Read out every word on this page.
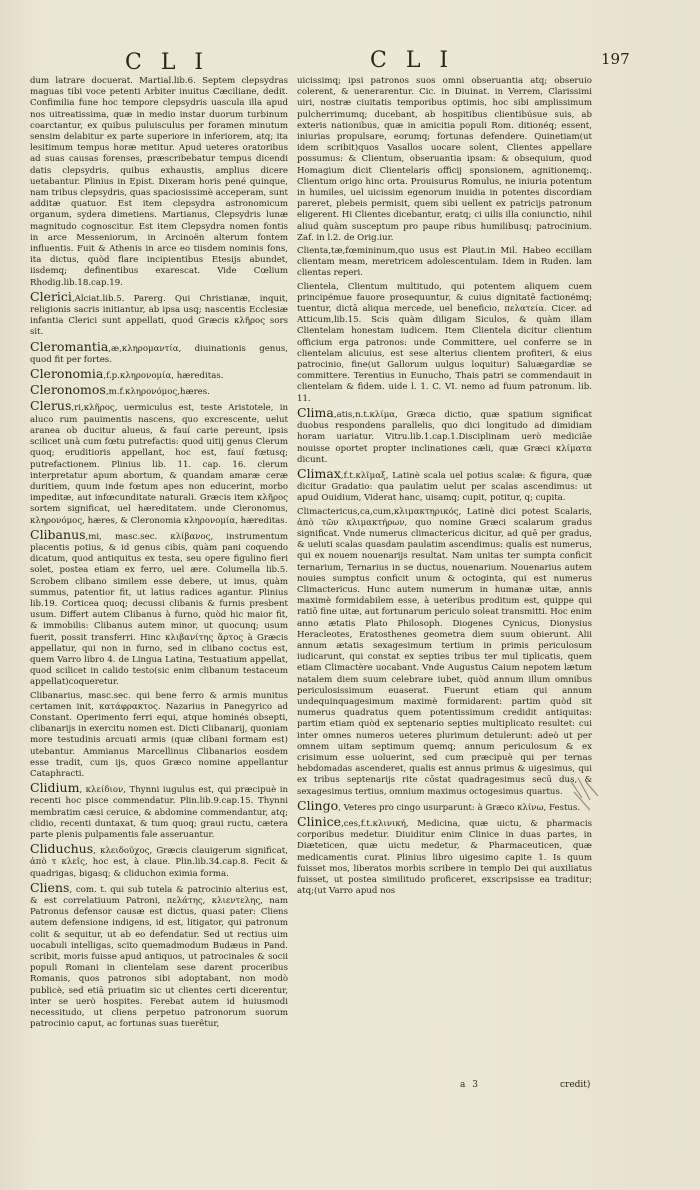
C L I	C L I	197

dum latrare docuerat. Martial.lib.6. Septem clepsydras maguas tibi voce petenti Arbiter inuitus Cæciliane, dedit. Confimilia fune hoc tempore clepsydris uascula illa apud nos uitreatissima, quæ in medio instar duorum turbinum coarctantur, ex quibus puluisculus per foramen minutum sensim delabitur ex parte superiore in inferiorem, atq; ita lesitimum tempus horæ metitur. Apud ueteres oratoribus ad suas causas forenses, præscribebatur tempus dicendi datis clepsydris, quibus exhaustis, amplius dicere uetabantur. Plinius in Epist. Dixeram horis pené quinque, nam tribus clepsydris, quas spaciosissimè acceperam, sunt additæ quatuor. Est item clepsydra astronomicum organum, sydera dimetiens. Martianus, Clepsydris lunæ magnitudo cognoscitur. Est item Clepsydra nomen fontis in arce Messeniorum, in Arcinoën alterum fontem influentis. Fuit & Athenis in arce eo tiisdem nominis fons, ita dictus, quòd flare incipientibus Etesijs abundet, iisdemq; definentibus exarescat. Vide Cœlium Rhodig.lib.18.cap.19.

Clerici,Alciat.lib.5. Parerg. Qui Christianæ, inquit, religionis sacris initiantur, ab ipsa usq; nascentis Ecclesiæ infantia Clerici sunt appellati, quod Græcis κλῆρος sors sit.

Cleromantia,æ,κληρομαντία, diuinationis genus, quod fit per fortes.

Cleronomia,f.p.κληρονομία, hæreditas.

Cleronomos,m.f.κληρονόμος,hæres.

Clerus,ri,κλῆρος, uermiculus est, teste Aristotele, in aluco rum pauimentis nascens, quo excrescente, uelut aranea ob ducitur alueus, & fauí carie pereunt, ipsis scilicet unà cum fœtu putrefactis: quod uitij genus Clerum quoq; eruditioris appellant, hoc est, fauí fœtusq; putrefactionem. Plinius lib. 11. cap. 16. clerum interpretatur apum abortum, & quandam amaræ ceræ duritiem, quum inde fœtum apes non educerint, morbo impeditæ, aut infœcunditate naturali. Græcis item κλῆρος sortem significat, uel hæreditatem. unde Cleronomus, κληρονόμος, hæres, & Cleronomia κληρονομία, hæreditas.

Clibanus,mi, masc.sec. κλίβανος, instrumentum placentis potius, & id genus cibis, quàm pani coquendo dicatum, quod antiquitus ex testa, seu opere figulino fieri solet, postea etiam ex ferro, uel ære. Columella lib.5. Scrobem clibano similem esse debere, ut imus, quàm summus, patentior fit, ut latius radices agantur. Plinius lib.19. Corticea quoq; decussi clibanis & furnis presbent usum. Differt autem Clibanus à furno, quòd hic maior fit, & immobilis: Clibanus autem minor, ut quocunq; usum fuerit, possit transferri. Hinc κλιβανίτης ἄρτος à Græcis appellatur, qui non in furno, sed in clibano coctus est, quem Varro libro 4. de Lingua Latina, Testuatium appellat, quod scilicet in calido testo(sic enim clibanum testaceum appellat)coqueretur.

Clibanarius, masc.sec. qui bene ferro & armis munitus certamen init, κατάφρακτος. Nazarius in Panegyrico ad Constant. Operimento ferri equi, atque hominés obsepti, clibanarijs in exercitu nomen est. Dicti Clibanarij, quoniam more testudinis arcuati armis (quæ clibani formam est) utebantur. Ammianus Marcellinus Clibanarios eosdem esse tradit, cum ijs, quos Græco nomine appellantur Cataphracti.

Clidium, κλείδιον, Thynni iugulus est, qui præcipuè in recenti hoc pisce commendatur. Plin.lib.9.cap.15. Thynni membratim cæsi ceruice, & abdomine commendantur, atq; clidio, recenti duntaxat, & tum quoq; graui ructu, cætera parte plenis pulpamentis fale asseruantur.

Cliduchus, κλειδοῦχος, Græcis clauigerum significat, ἀπὸ τ κλεῖς, hoc est, à claue. Plin.lib.34.cap.8. Fecit & quadrigas, bigasq; & cliduchon eximia forma.

Cliens, com. t. qui sub tutela & patrocinio alterius est, & est correlatiuum Patroni, πελάτης, κλιεντελης, nam Patronus defensor causæ est dictus, quasi pater: Cliens autem defensione indigens, id est, litigator, qui patronum colit & sequitur, ut ab eo defendatur. Sed ut rectius uim uocabuli intelligas, scito quemadmodum Budæus in Pand. scribit, moris fuisse apud antiquos, ut patrocinales & socii populi Romani in clientelam sese darent proceribus Romanis, quos patronos sibi adoptabant, non modò publicè, sed etiā priuatim sic ut clientes certi dicerentur, inter se uerò hospites. Ferebat autem id huiusmodi necessitudo, ut cliens perpetuo patronorum suorum patrocinio caput, ac fortunas suas tuerêtur,

uicissimq; ipsi patronos suos omni obseruantia atq; obseruio colerent, & uenerarentur. Cic. in Diuinat. in Verrem, Clarissimi uiri, nostræ ciuitatis temporibus optimis, hoc sibi amplissimum pulcherrimumq; ducebant, ab hospitibus clientibúsue suis, ab exteris nationibus, quæ in amicitia populi Rom. ditionéq; essent, iniurias propulsare, eorumq; fortunas defendere. Quinetiam(ut idem scribit)quos Vasallos uocare solent, Clientes appellare possumus: & Clientum, obseruantia ipsam: & obsequium, quod Homagium dicit Clientelaris officij sponsionem, agnitionemq;. Clientum origo hinc orta. Prouisurus Romulus, ne iniuria potentum in humiles, uel uicissim egenorum inuidia in potentes discordiam pareret, plebeis permisit, quem sibi uellent ex patricijs patronum eligerent. Hi Clientes dicebantur, eratq; ci uilis illa coniunctio, nihil aliud quàm susceptum pro paupe ribus humilibusq; patrocinium. Zaf. in l.2. de Orig.iur.

Clienta,tæ,fœmininum,quo usus est Plaut.in Mil. Habeo eccillam clientam meam, meretricem adolescentulam. Idem in Ruden. lam clientas reperi.

Clientela, Clientum multitudo, qui potentem aliquem cuem principémue fauore prosequuntur, & cuius dignitatē factionémq; tuentur, dictā aliqua mercede, uel beneficio, πελατεία. Cicer. ad Atticum,lib.15. Scis quàm diligam Siculos, & quàm illam Clientelam honestam iudicem. Item Clientela dicitur clientum officium erga patronos: unde Committere, uel conferre se in clientelam alicuius, est sese alterius clientem profiteri, & eius patrocinio, fine(ut Gallorum uulgus loquitur) Saluægardiæ se committere. Terentius in Eunucho, Thais patri se commendauit in clientelam & fidem. uide l. 1. C. VI. nemo ad fuum patronum. lib. 11.

Clima,atis,n.t.κλίμα, Græca dictio, quæ spatium significat duobus respondens parallelis, quo dici longitudo ad dimidiam horam uariatur. Vitru.lib.1.cap.1.Disciplinam uerò mediciāe nouisse oportet propter inclinationes cæli, quæ Græci κλίματα dicunt.

Climax,f.t.κλῖμαξ, Latinè scala uel potius scalæ: & figura, quæ dicitur Gradatio: qua paulatim uelut per scalas ascendimus: ut apud Ouidium, Viderat hanc, uisamq; cupit, potitur, q; cupita.

Climactericus,ca,cum,κλιμακτηρικός, Latinè dici potest Scalaris, ἀπὸ τῶν κλιμακτήρων, quo nomine Græci scalarum gradus significat. Vnde numerus climactericus dicitur, ad quē per gradus, & ueluti scalas quasdam paulatim ascendimus: qualis est numerus, qui ex nouem nouenarijs resultat. Nam unitas ter sumpta conficit ternarium, Ternarius in se ductus, nouenarium. Nouenarius autem nouies sumptus conficit unum & octoginta, qui est numerus Climactericus. Hunc autem numerum in humanæ uitæ, annis maximè formidabilem esse, à ueteribus proditum est, quippe qui ratiō fine uitæ, aut fortunarum periculo soleat transmitti. Hoc enim anno ætatis Plato Philosoph. Diogenes Cynicus, Dionysius Heracleotes, Eratosthenes geometra diem suum obierunt. Alii annum ætatis sexagesimum tertium in primis periculosum iudicarunt, qui constat ex septies tribus ter mul tiplicatis, quem etiam Climactère uocabant. Vnde Augustus Caium nepotem lætum natalem diem suum celebrare iubet, quòd annum illum omnibus periculosissimum euaserat. Fuerunt etiam qui annum undequinquagesimum maximè formidarent: partim quòd sit numerus quadratus quem potentissimum credidit antiquitas: partim etiam quòd ex septenario septies multiplicato resultet: cui inter omnes numeros ueteres plurimum detulerunt: adeò ut per omnem uitam septimum quemq; annum periculosum & ex crisimum esse uoluerint, sed cum præcipuè qui per ternas hebdomadas ascenderet, qualis est annus primus & uigesimus, qui ex tribus septenarijs rite cōstat quadragesimus secū dus, & sexagesimus tertius, omnium maximus octogesimus quartus.

Clingo, Veteres pro cingo usurparunt: à Græco κλίνω, Festus.

Clinice,ces,f.t.κλινική, Medicina, quæ uictu, & pharmacis corporibus medetur. Diuiditur enim Clinice in duas partes, in Diæteticen, quæ uictu medetur, & Pharmaceuticen, quæ medicamentis curat. Plinius libro uigesimo capite 1. Is quum fuisset mos, liberatos morbis scribere in templo Dei qui auxiliatus fuisset, ut postea similitudo proficeret, exscripsisse ea traditur; atq;(ut Varro apud nos

a 3	credit)
